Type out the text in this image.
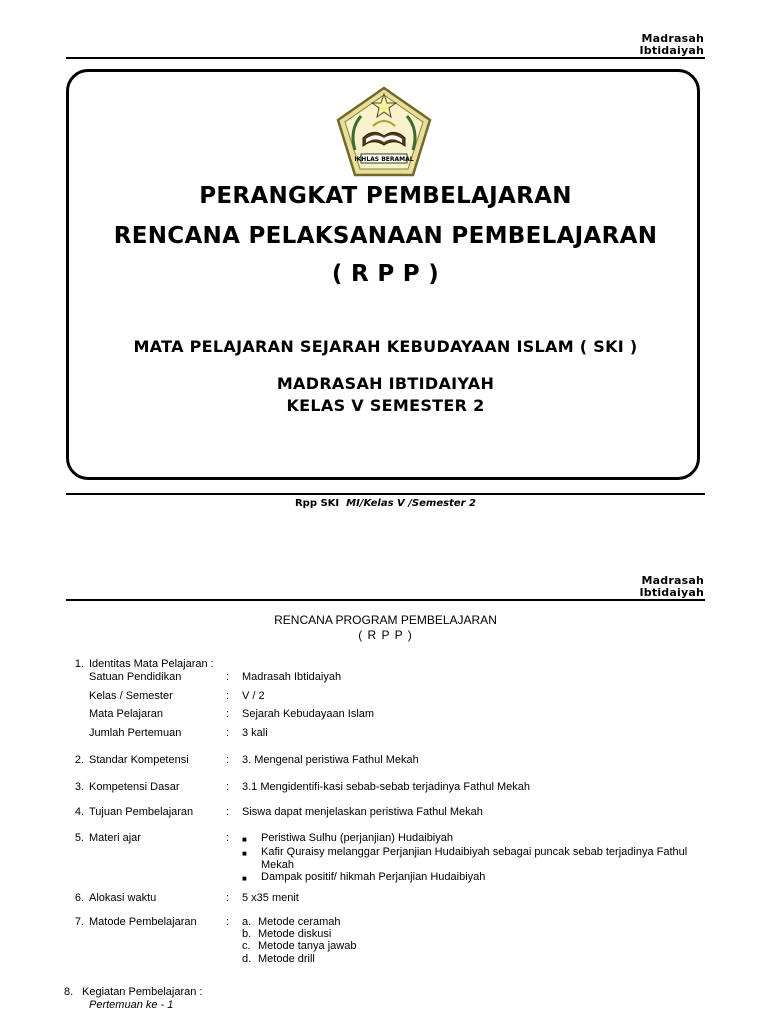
Madrasah
Ibtidaiyah
IKHLAS BERAMAL
PERANGKAT PEMBELAJARAN
RENCANA PELAKSANAAN PEMBELAJARAN
( R P P )
MATA PELAJARAN SEJARAH KEBUDAYAAN ISLAM ( SKI )
MADRASAH IBTIDAIYAH
KELAS V SEMESTER 2
Rpp SKI MI/Kelas V /Semester 2
Madrasah
Ibtidaiyah
RENCANA PROGRAM PEMBELAJARAN
( R P P )
1. Identitas Mata Pelajaran :
Satuan Pendidikan	: Madrasah Ibtidaiyah
Kelas / Semester	: V / 2
Mata Pelajaran	: Sejarah Kebudayaan Islam
Jumlah Pertemuan	: 3 kali
2. Standar Kompetensi	: 3. Mengenal peristiwa Fathul Mekah
3. Kompetensi Dasar	: 3.1 Mengidentifi-kasi sebab-sebab terjadinya Fathul Mekah
4. Tujuan Pembelajaran	: Siswa dapat menjelaskan peristiwa Fathul Mekah
5. Materi ajar	: ■ Peristiwa Sulhu (perjanjian) Hudaibiyah
■ Kafir Quraisy melanggar Perjanjian Hudaibiyah sebagai puncak sebab terjadinya Fathul Mekah
■ Dampak positif/ hikmah Perjanjian Hudaibiyah
6. Alokasi waktu	: 5 x35 menit
7. Matode Pembelajaran	: a. Metode ceramah
b. Metode diskusi
c. Metode tanya jawab
d. Metode drill
8. Kegiatan Pembelajaran :
Pertemuan ke - 1
